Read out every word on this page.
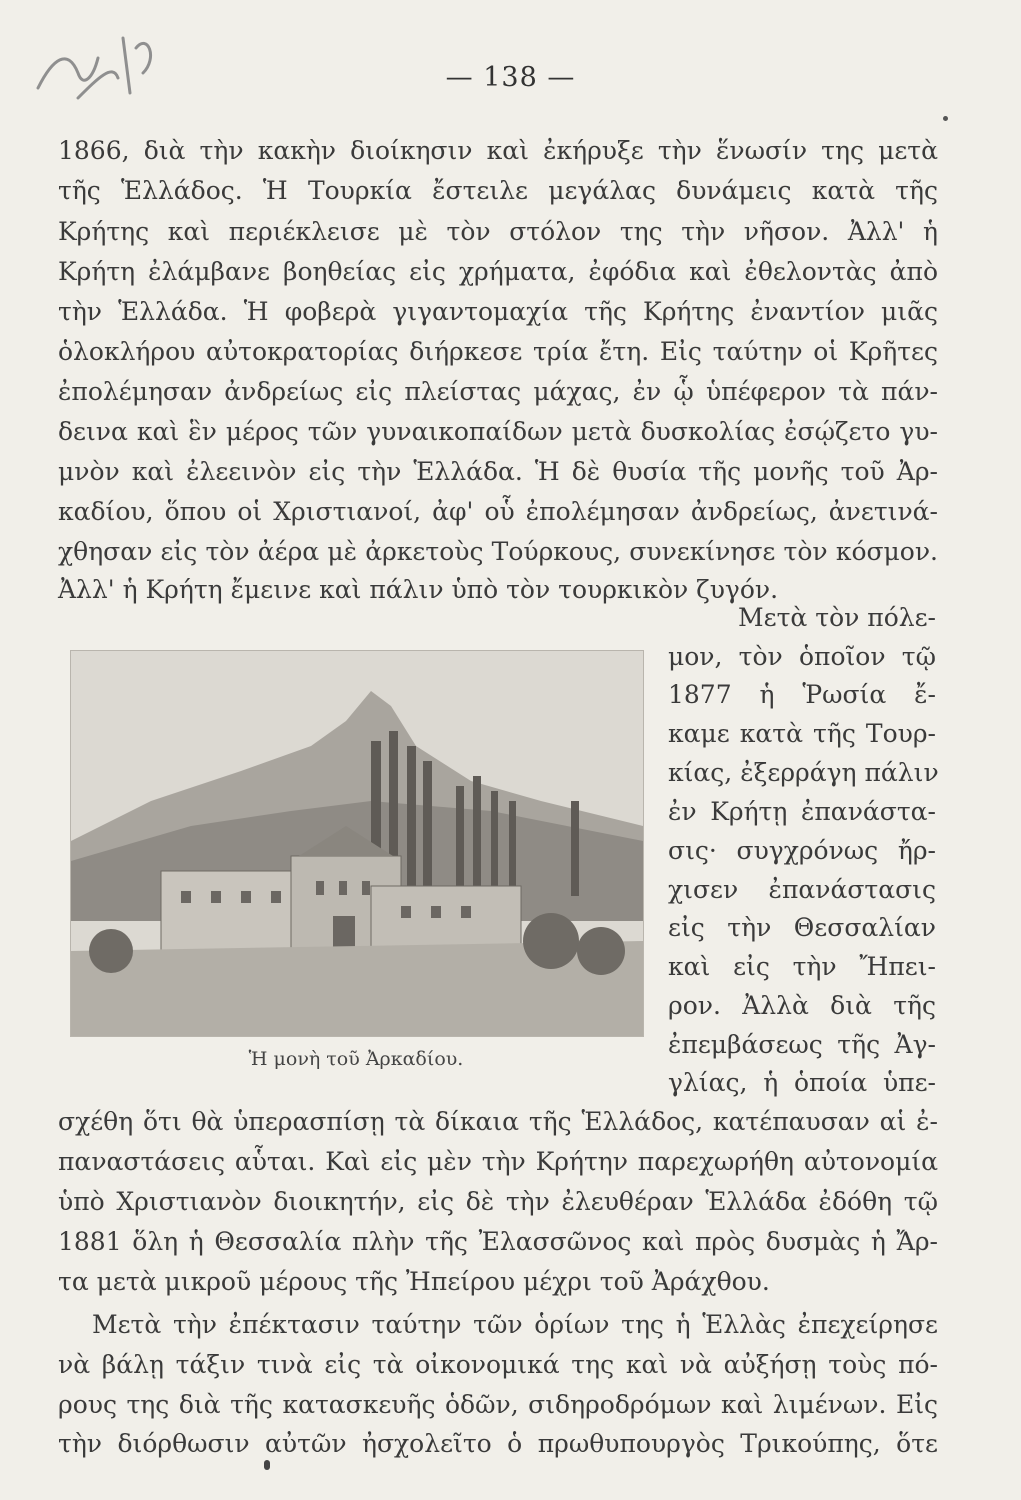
— 138 —
1866, διὰ τὴν κακὴν διοίκησιν καὶ ἐκήρυξε τὴν ἕνωσίν της μετὰ
τῆς Ἑλλάδος. Ἡ Τουρκία ἔστειλε μεγάλας δυνάμεις κατὰ τῆς
Κρήτης καὶ περιέκλεισε μὲ τὸν στόλον της τὴν νῆσον. Ἀλλ' ἡ
Κρήτη ἐλάμβανε βοηθείας εἰς χρήματα, ἐφόδια καὶ ἐθελοντὰς ἀπὸ
τὴν Ἑλλάδα. Ἡ φοβερὰ γιγαντομαχία τῆς Κρήτης ἐναντίον μιᾶς
ὁλοκλήρου αὐτοκρατορίας διήρκεσε τρία ἔτη. Εἰς ταύτην οἱ Κρῆτες
ἐπολέμησαν ἀνδρείως εἰς πλείστας μάχας, ἐν ᾧ ὑπέφερον τὰ πάν-
δεινα καὶ ἓν μέρος τῶν γυναικοπαίδων μετὰ δυσκολίας ἐσῴζετο γυ-
μνὸν καὶ ἐλεεινὸν εἰς τὴν Ἑλλάδα. Ἡ δὲ θυσία τῆς μονῆς τοῦ Ἀρ-
καδίου, ὅπου οἱ Χριστιανοί, ἀφ' οὗ ἐπολέμησαν ἀνδρείως, ἀνετινά-
χθησαν εἰς τὸν ἀέρα μὲ ἀρκετοὺς Τούρκους, συνεκίνησε τὸν κόσμον.
Ἀλλ' ἡ Κρήτη ἔμεινε καὶ πάλιν ὑπὸ τὸν τουρκικὸν ζυγόν.
Μετὰ τὸν πόλε-
μον, τὸν ὁποῖον τῷ
1877 ἡ Ῥωσία ἔ-
καμε κατὰ τῆς Τουρ-
κίας, ἐξερράγη πάλιν
ἐν Κρήτῃ ἐπανάστα-
σις· συγχρόνως ἤρ-
χισεν ἐπανάστασις
εἰς τὴν Θεσσαλίαν
καὶ εἰς τὴν Ἤπει-
ρον. Ἀλλὰ διὰ τῆς
ἐπεμβάσεως τῆς Ἀγ-
γλίας, ἡ ὁποία ὑπε-
Ἡ μονὴ τοῦ Ἀρκαδίου.
σχέθη ὅτι θὰ ὑπερασπίσῃ τὰ δίκαια τῆς Ἑλλάδος, κατέπαυσαν αἱ ἐ-
παναστάσεις αὗται. Καὶ εἰς μὲν τὴν Κρήτην παρεχωρήθη αὐτονομία
ὑπὸ Χριστιανὸν διοικητήν, εἰς δὲ τὴν ἐλευθέραν Ἑλλάδα ἐδόθη τῷ
1881 ὅλη ἡ Θεσσαλία πλὴν τῆς Ἐλασσῶνος καὶ πρὸς δυσμὰς ἡ Ἄρ-
τα μετὰ μικροῦ μέρους τῆς Ἠπείρου μέχρι τοῦ Ἀράχθου.
Μετὰ τὴν ἐπέκτασιν ταύτην τῶν ὁρίων της ἡ Ἑλλὰς ἐπεχείρησε
νὰ βάλῃ τάξιν τινὰ εἰς τὰ οἰκονομικά της καὶ νὰ αὐξήσῃ τοὺς πό-
ρους της διὰ τῆς κατασκευῆς ὁδῶν, σιδηροδρόμων καὶ λιμένων. Εἰς
τὴν διόρθωσιν αὐτῶν ἠσχολεῖτο ὁ πρωθυπουργὸς Τρικούπης, ὅτε
